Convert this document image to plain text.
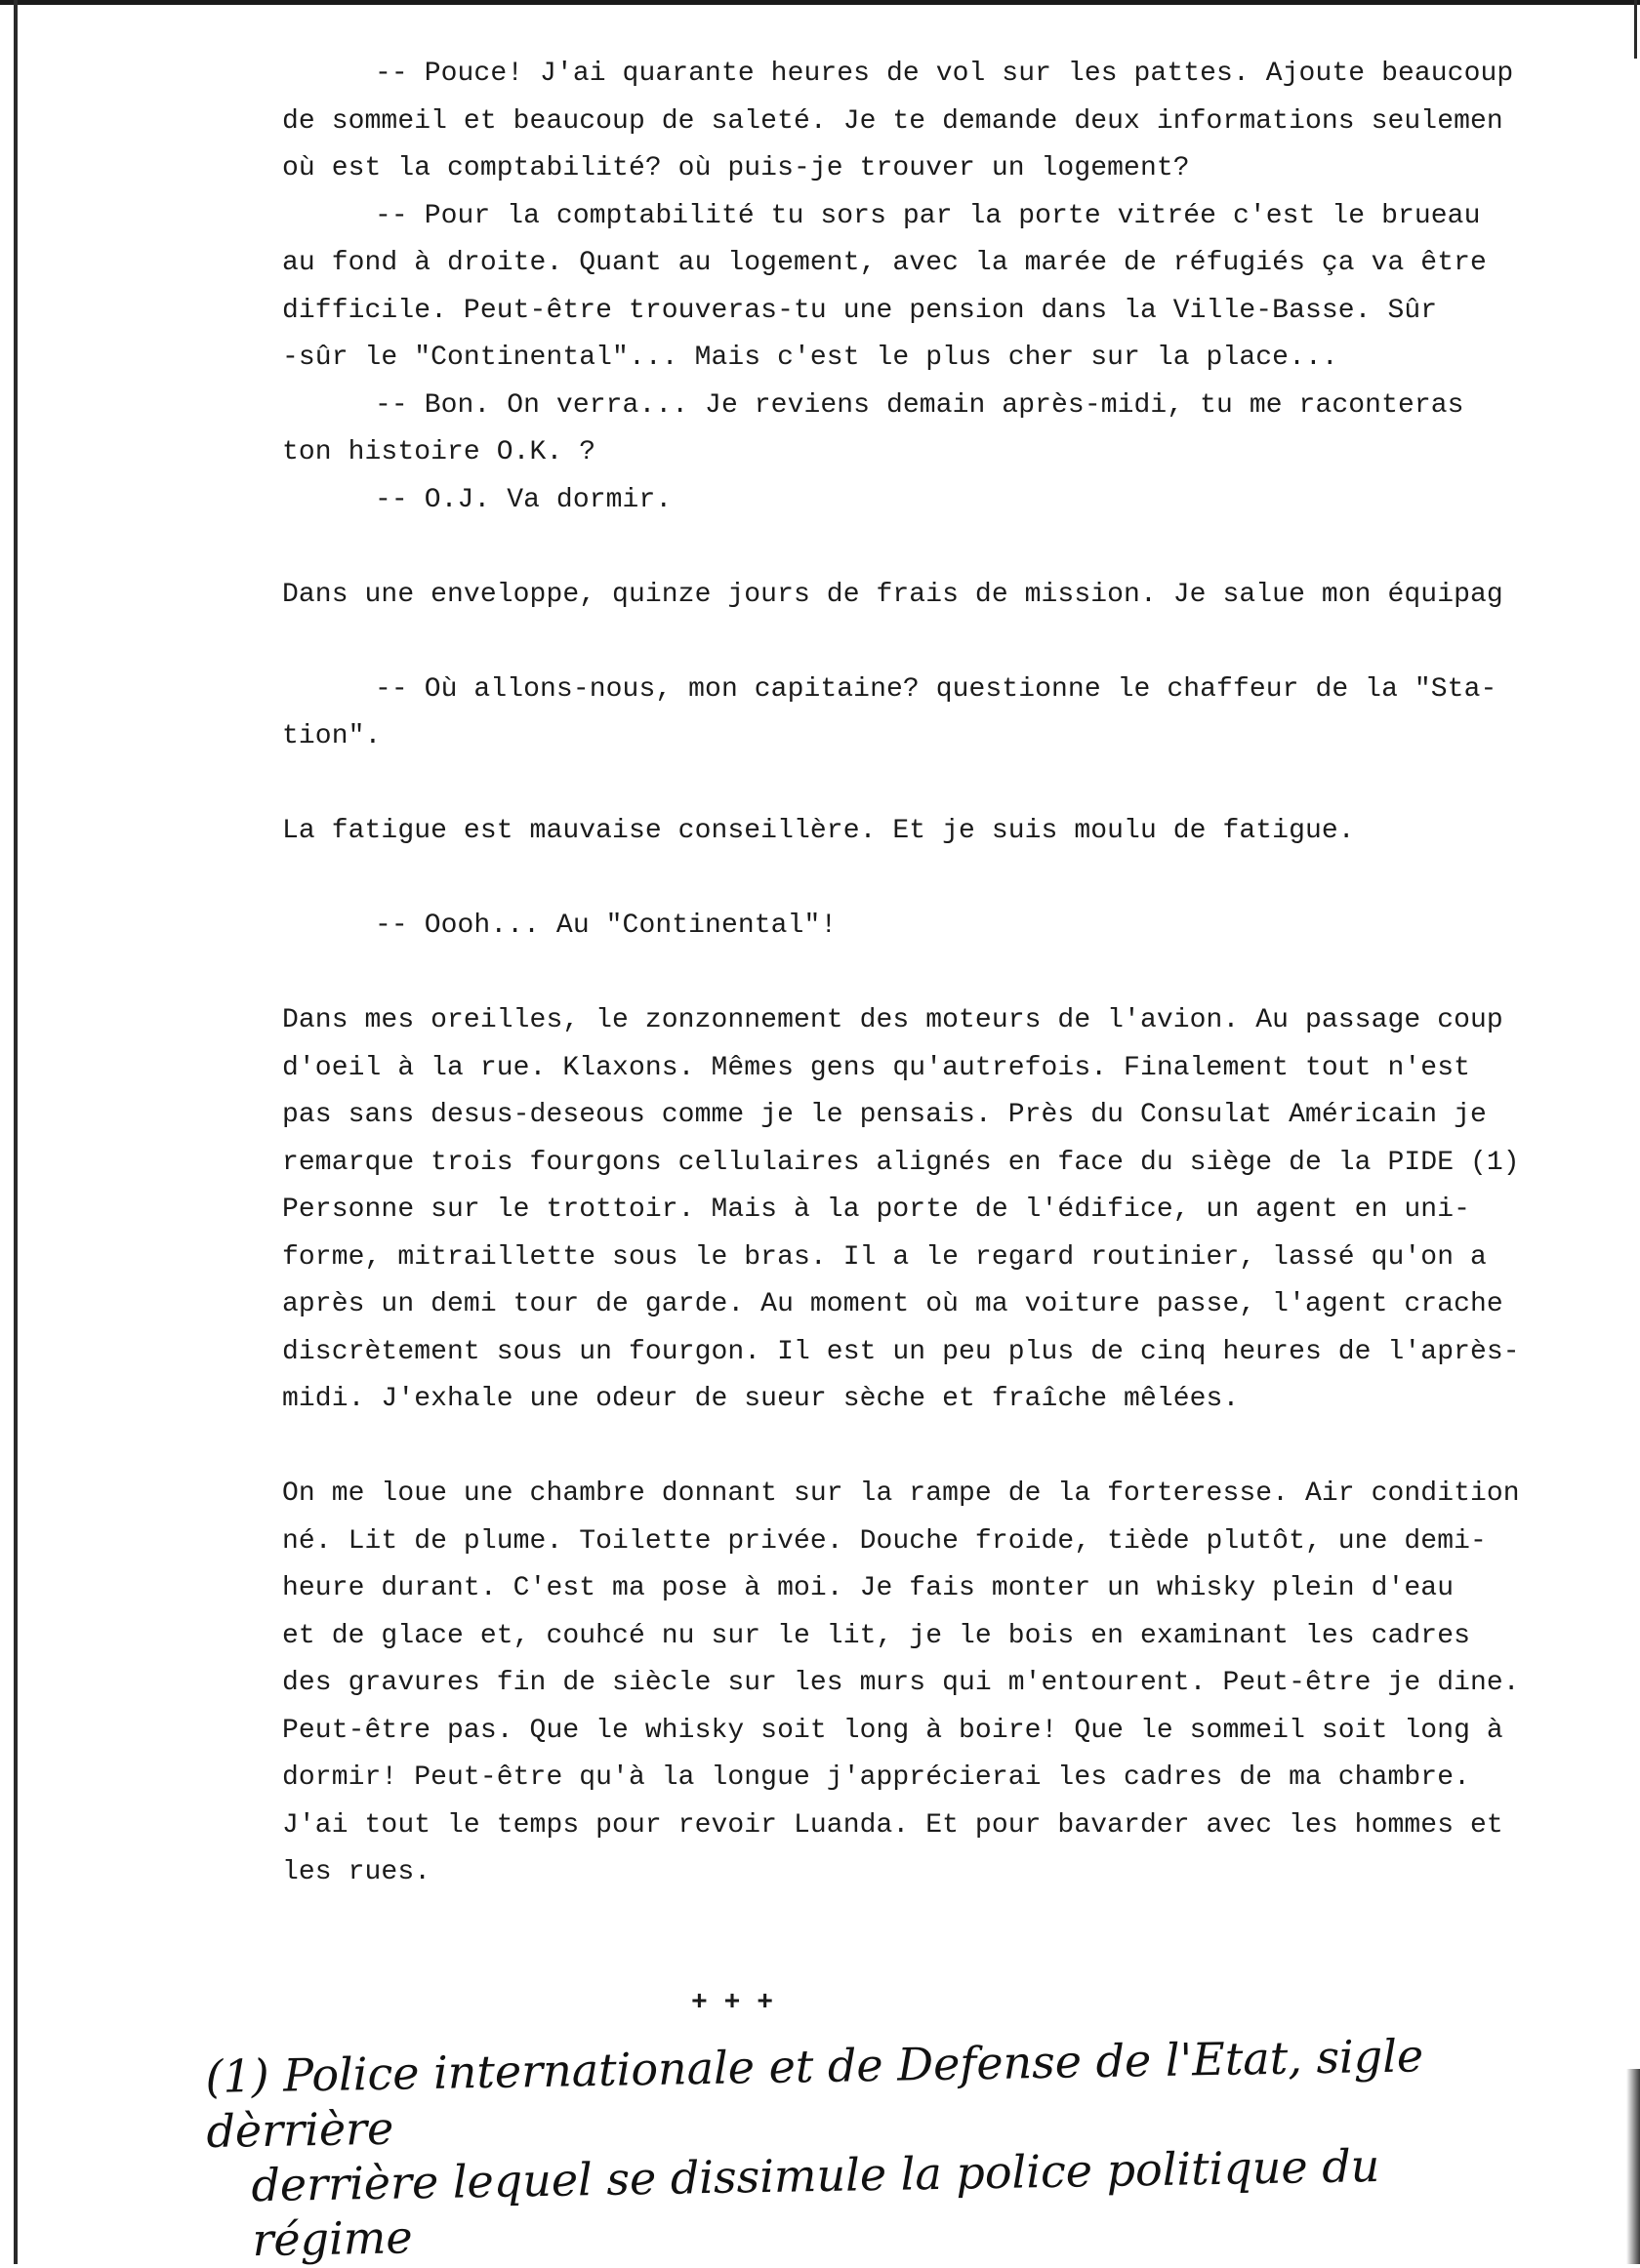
-- Pouce! J'ai quarante heures de vol sur les pattes. Ajoute beaucoup
de sommeil et beaucoup de saleté. Je te demande deux informations seulemen
où est la comptabilité? où puis-je trouver un logement?
-- Pour la comptabilité tu sors par la porte vitrée c'est le brueau
au fond à droite. Quant au logement, avec la marée de réfugiés ça va être
difficile. Peut-être trouveras-tu une pension dans la Ville-Basse. Sûr
-sûr le "Continental"... Mais c'est le plus cher sur la place...
-- Bon. On verra... Je reviens demain après-midi, tu me raconteras
ton histoire O.K. ?
-- O.J. Va dormir.
Dans une enveloppe, quinze jours de frais de mission. Je salue mon équipag
-- Où allons-nous, mon capitaine? questionne le chaffeur de la "Sta-
tion".
La fatigue est mauvaise conseillère. Et je suis moulu de fatigue.
-- Oooh... Au "Continental"!
Dans mes oreilles, le zonzonnement des moteurs de l'avion. Au passage coup
d'oeil à la rue. Klaxons. Mêmes gens qu'autrefois. Finalement tout n'est
pas sans desus-deseous comme je le pensais. Près du Consulat Américain je
remarque trois fourgons cellulaires alignés en face du siège de la PIDE (1)
Personne sur le trottoir. Mais à la porte de l'édifice, un agent en uni-
forme, mitraillette sous le bras. Il a le regard routinier, lassé qu'on a
après un demi tour de garde. Au moment où ma voiture passe, l'agent crache
discrètement sous un fourgon. Il est un peu plus de cinq heures de l'après-
midi. J'exhale une odeur de sueur sèche et fraîche mêlées.
On me loue une chambre donnant sur la rampe de la forteresse. Air condition
né. Lit de plume. Toilette privée. Douche froide, tiède plutôt, une demi-
heure durant. C'est ma pose à moi. Je fais monter un whisky plein d'eau
et de glace et, couhcé nu sur le lit, je le bois en examinant les cadres
des gravures fin de siècle sur les murs qui m'entourent. Peut-être je dine.
Peut-être pas. Que le whisky soit long à boire! Que le sommeil soit long à
dormir! Peut-être qu'à la longue j'apprécierai les cadres de ma chambre.
J'ai tout le temps pour revoir Luanda. Et pour bavarder avec les hommes et
les rues.
+ + +
(1) Police internationale et de Defense de l'Etat, sigle dèrrière
derrière lequel se dissimule la police politique du
régime
